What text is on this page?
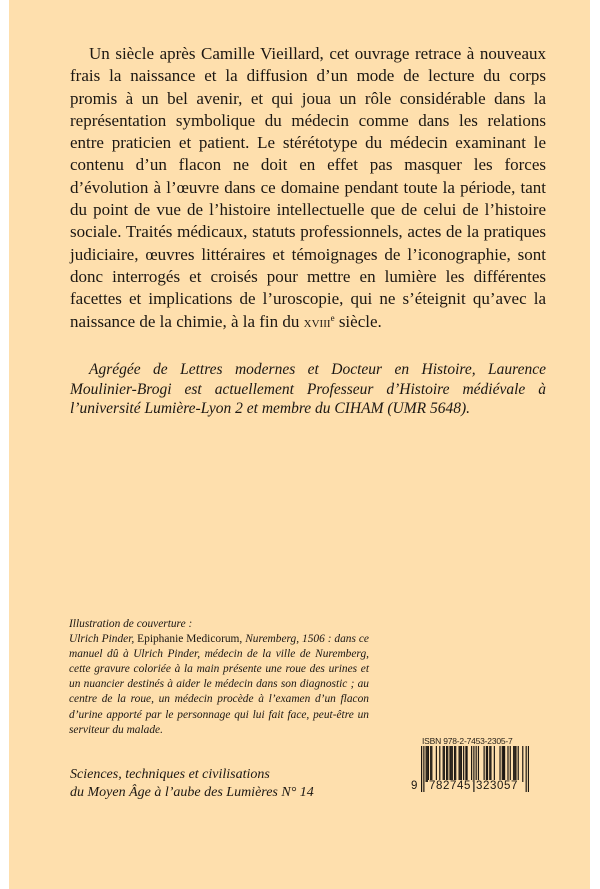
Un siècle après Camille Vieillard, cet ouvrage retrace à nouveaux frais la naissance et la diffusion d’un mode de lecture du corps promis à un bel avenir, et qui joua un rôle considérable dans la représentation symbolique du médecin comme dans les relations entre praticien et patient. Le stérétotype du médecin examinant le contenu d’un flacon ne doit en effet pas masquer les forces d’évolution à l’œuvre dans ce domaine pendant toute la période, tant du point de vue de l’histoire intellectuelle que de celui de l’histoire sociale. Traités médicaux, statuts professionnels, actes de la pratiques judiciaire, œuvres littéraires et témoignages de l’iconographie, sont donc interrogés et croisés pour mettre en lumière les différentes facettes et implications de l’uroscopie, qui ne s’éteignit qu’avec la naissance de la chimie, à la fin du xviii$^e$ siècle.

Agrégée de Lettres modernes et Docteur en Histoire, Laurence Moulinier-Brogi est actuellement Professeur d’Histoire médiévale à l’université Lumière-Lyon 2 et membre du CIHAM (UMR 5648).

Illustration de couverture :

Ulrich Pinder, Epiphanie Medicorum, Nuremberg, 1506 : dans ce manuel dû à Ulrich Pinder, médecin de la ville de Nuremberg, cette gravure coloriée à la main présente une roue des urines et un nuancier destinés à aider le médecin dans son diagnostic ; au centre de la roue, un médecin procède à l’examen d’un flacon d’urine apporté par le personnage qui lui fait face, peut-être un serviteur du malade.

Sciences, techniques et civilisations
du Moyen Âge à l’aube des Lumières N° 14
ISBN 978-2-7453-2305-7
9 782745 323057
